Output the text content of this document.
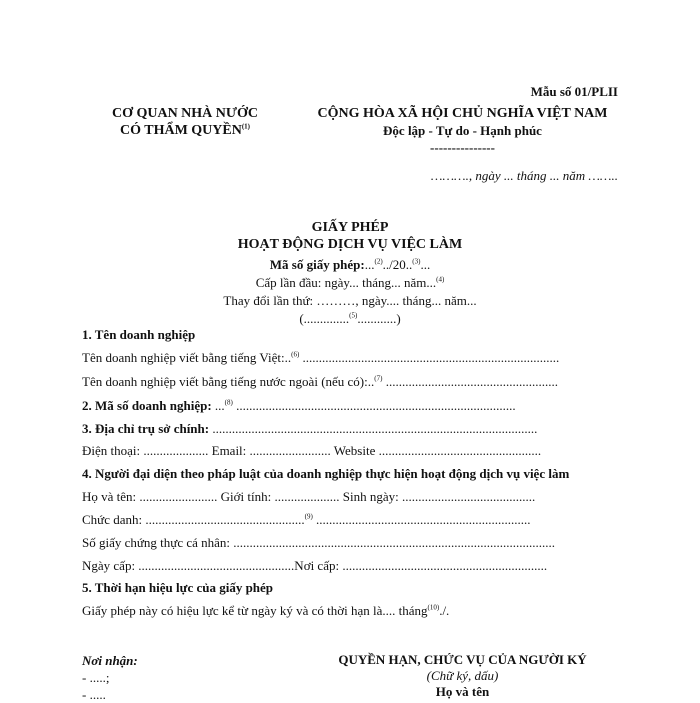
Mẫu số 01/PLII
CƠ QUAN NHÀ NƯỚC
CÓ THẨM QUYỀN$^{(1)}$
CỘNG HÒA XÃ HỘI CHỦ NGHĨA VIỆT NAM
Độc lập - Tự do - Hạnh phúc
---------------
………., ngày ... tháng ... năm ……..
GIẤY PHÉP
HOẠT ĐỘNG DỊCH VỤ VIỆC LÀM
Mã số giấy phép:...$^{(2)}$../20..$^{(3)}$...
Cấp lần đầu: ngày... tháng... năm...$^{(4)}$
Thay đổi lần thứ: ………, ngày.... tháng... năm...
(..............$^{(5)}$............)
1. Tên doanh nghiệp
Tên doanh nghiệp viết bằng tiếng Việt:..$^{(6)}$ ...............................................................................
Tên doanh nghiệp viết bằng tiếng nước ngoài (nếu có):..$^{(7)}$ .....................................................
2. Mã số doanh nghiệp: ...$^{(8)}$ ......................................................................................
3. Địa chỉ trụ sở chính: ....................................................................................................
Điện thoại: .................... Email: ......................... Website ..................................................
4. Người đại diện theo pháp luật của doanh nghiệp thực hiện hoạt động dịch vụ việc làm
Họ và tên: ........................ Giới tính: .................... Sinh ngày: .........................................
Chức danh: .................................................$^{(9)}$ ..................................................................
Số giấy chứng thực cá nhân: ...................................................................................................
Ngày cấp: ................................................Nơi cấp: ...............................................................
5. Thời hạn hiệu lực của giấy phép
Giấy phép này có hiệu lực kể từ ngày ký và có thời hạn là.... tháng$^{(10)}$./.
Nơi nhận:
- .....;
- .....
QUYỀN HẠN, CHỨC VỤ CỦA NGƯỜI KÝ
(Chữ ký, dấu)
Họ và tên
